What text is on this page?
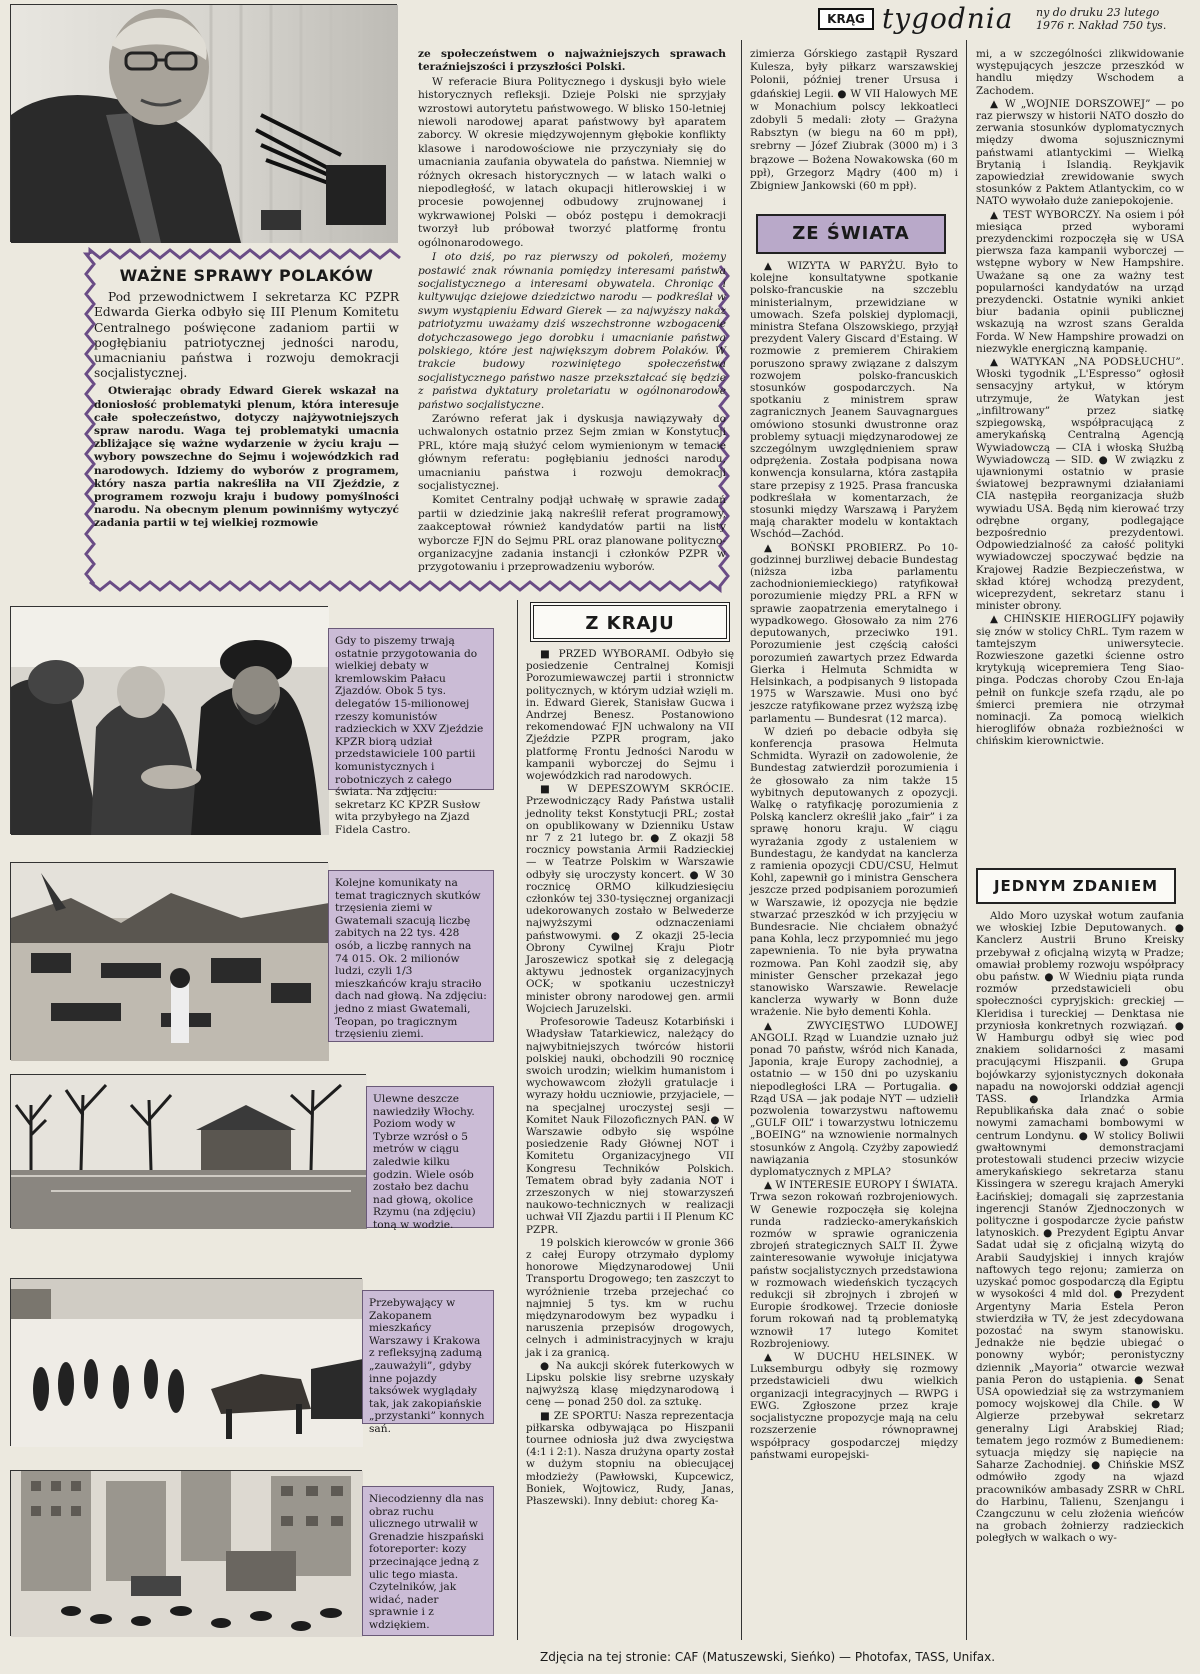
KRĄG tygodnia ny do druku 23 lutego
1976 r. Nakład 750 tys.
WAŻNE SPRAWY POLAKÓW

Pod przewodnictwem I sekretarza KC PZPR Edwarda Gierka odbyło się III Plenum Komitetu Centralnego poświęcone zadaniom partii w pogłębianiu patriotycznej jedności narodu, umacnianiu państwa i rozwoju demokracji socjalistycznej.

Otwierając obrady Edward Gierek wskazał na doniosłość problematyki plenum, która interesuje całe społeczeństwo, dotyczy najżywotniejszych spraw narodu. Waga tej problematyki umacnia zbliżające się ważne wydarzenie w życiu kraju — wybory powszechne do Sejmu i wojewódzkich rad narodowych. Idziemy do wyborów z programem, który nasza partia nakreśliła na VII Zjeździe, z programem rozwoju kraju i budowy pomyślności narodu. Na obecnym plenum powinniśmy wytyczyć zadania partii w tej wielkiej rozmowie

ze społeczeństwem o najważniejszych sprawach teraźniejszości i przyszłości Polski.

W referacie Biura Politycznego i dyskusji było wiele historycznych refleksji. Dzieje Polski nie sprzyjały wzrostowi autorytetu państwowego. W blisko 150-letniej niewoli narodowej aparat państwowy był aparatem zaborcy. W okresie międzywojennym głębokie konflikty klasowe i narodowościowe nie przyczyniały się do umacniania zaufania obywatela do państwa. Niemniej w różnych okresach historycznych — w latach walki o niepodległość, w latach okupacji hitlerowskiej i w procesie powojennej odbudowy zrujnowanej i wykrwawionej Polski — obóz postępu i demokracji tworzył lub próbował tworzyć platformę frontu ogólnonarodowego.

I oto dziś, po raz pierwszy od pokoleń, możemy postawić znak równania pomiędzy interesami państwa socjalistycznego a interesami obywatela. Chroniąc i kultywując dziejowe dziedzictwo narodu — podkreślał w swym wystąpieniu Edward Gierek — za najwyższy nakaz patriotyzmu uważamy dziś wszechstronne wzbogacenie dotychczasowego jego dorobku i umacnianie państwa polskiego, które jest największym dobrem Polaków. W trakcie budowy rozwiniętego społeczeństwa socjalistycznego państwo nasze przekształcać się będzie z państwa dyktatury proletariatu w ogólnonarodowe państwo socjalistyczne.

Zarówno referat jak i dyskusja nawiązywały do uchwalonych ostatnio przez Sejm zmian w Konstytucji PRL, które mają służyć celom wymienionym w temacie głównym referatu: pogłębianiu jedności narodu, umacnianiu państwa i rozwoju demokracji socjalistycznej.

Komitet Centralny podjął uchwałę w sprawie zadań partii w dziedzinie jaką nakreślił referat programowy, zaakceptował również kandydatów partii na listy wyborcze FJN do Sejmu PRL oraz planowane polityczno-organizacyjne zadania instancji i członków PZPR w przygotowaniu i przeprowadzeniu wyborów.

zimierza Górskiego zastąpił Ryszard Kulesza, były piłkarz warszawskiej Polonii, później trener Ursusa i gdańskiej Legii. ● W VII Halowych ME w Monachium polscy lekkoatleci zdobyli 5 medali: złoty — Grażyna Rabsztyn (w biegu na 60 m ppł), srebrny — Józef Ziubrak (3000 m) i 3 brązowe — Bożena Nowakowska (60 m ppł), Grzegorz Mądry (400 m) i Zbigniew Jankowski (60 m ppł).

ZE ŚWIATA

▲ WIZYTA W PARYŻU. Było to kolejne konsultatywne spotkanie polsko-francuskie na szczeblu ministerialnym, przewidziane w umowach. Szefa polskiej dyplomacji, ministra Stefana Olszowskiego, przyjął prezydent Valery Giscard d'Estaing. W rozmowie z premierem Chirakiem poruszono sprawy związane z dalszym rozwojem polsko-francuskich stosunków gospodarczych. Na spotkaniu z ministrem spraw zagranicznych Jeanem Sauvagnargues omówiono stosunki dwustronne oraz problemy sytuacji międzynarodowej ze szczególnym uwzględnieniem spraw odprężenia. Została podpisana nowa konwencja konsularna, która zastąpiła stare przepisy z 1925. Prasa francuska podkreślała w komentarzach, że stosunki między Warszawą i Paryżem mają charakter modelu w kontaktach Wschód—Zachód.

▲ BOŃSKI PROBIERZ. Po 10-godzinnej burzliwej debacie Bundestag (niższa izba parlamentu zachodnioniemieckiego) ratyfikował porozumienie między PRL a RFN w sprawie zaopatrzenia emerytalnego i wypadkowego. Głosowało za nim 276 deputowanych, przeciwko 191. Porozumienie jest częścią całości porozumień zawartych przez Edwarda Gierka i Helmuta Schmidta w Helsinkach, a podpisanych 9 listopada 1975 w Warszawie. Musi ono być jeszcze ratyfikowane przez wyższą izbę parlamentu — Bundesrat (12 marca).

W dzień po debacie odbyła się konferencja prasowa Helmuta Schmidta. Wyraził on zadowolenie, że Bundestag zatwierdził porozumienia i że głosowało za nim także 15 wybitnych deputowanych z opozycji. Walkę o ratyfikację porozumienia z Polską kanclerz określił jako „fair” i za sprawę honoru kraju. W ciągu wyrażania zgody z ustaleniem w Bundestagu, że kandydat na kanclerza z ramienia opozycji CDU/CSU, Helmut Kohl, zapewnił go i ministra Genschera jeszcze przed podpisaniem porozumień w Warszawie, iż opozycja nie będzie stwarzać przeszkód w ich przyjęciu w Bundesracie. Nie chciałem obnażyć pana Kohla, lecz przypomnieć mu jego zapewnienia. To nie była prywatna rozmowa. Pan Kohl zaodził się, aby minister Genscher przekazał jego stanowisko Warszawie. Rewelacje kanclerza wywarły w Bonn duże wrażenie. Nie było dementi Kohla.

▲ ZWYCIĘSTWO LUDOWEJ ANGOLI. Rząd w Luandzie uznało już ponad 70 państw, wśród nich Kanada, Japonia, kraje Europy zachodniej, a ostatnio — w 150 dni po uzyskaniu niepodległości LRA — Portugalia. ● Rząd USA — jak podaje NYT — udzielił pozwolenia towarzystwu naftowemu „GULF OIL” i towarzystwu lotniczemu „BOEING” na wznowienie normalnych stosunków z Angolą. Czyżby zapowiedź nawiązania stosunków dyplomatycznych z MPLA?

▲ W INTERESIE EUROPY I ŚWIATA. Trwa sezon rokowań rozbrojeniowych. W Genewie rozpoczęła się kolejna runda radziecko-amerykańskich rozmów w sprawie ograniczenia zbrojeń strategicznych SALT II. Żywe zainteresowanie wywołuje inicjatywa państw socjalistycznych przedstawiona w rozmowach wiedeńskich tyczących redukcji sił zbrojnych i zbrojeń w Europie środkowej. Trzecie doniosłe forum rokowań nad tą problematyką wznowił 17 lutego Komitet Rozbrojeniowy.

▲ W DUCHU HELSINEK. W Luksemburgu odbyły się rozmowy przedstawicieli dwu wielkich organizacji integracyjnych — RWPG i EWG. Zgłoszone przez kraje socjalistyczne propozycje mają na celu rozszerzenie równoprawnej współpracy gospodarczej między państwami europejski-

mi, a w szczególności zlikwidowanie występujących jeszcze przeszkód w handlu między Wschodem a Zachodem.

▲ W „WOJNIE DORSZOWEJ” — po raz pierwszy w historii NATO doszło do zerwania stosunków dyplomatycznych między dwoma sojusznicznymi państwami atlantyckimi — Wielką Brytanią i Islandią. Reykjavik zapowiedział zrewidowanie swych stosunków z Paktem Atlantyckim, co w NATO wywołało duże zaniepokojenie.

▲ TEST WYBORCZY. Na osiem i pół miesiąca przed wyborami prezydenckimi rozpoczęła się w USA pierwsza faza kampanii wyborczej — wstępne wybory w New Hampshire. Uważane są one za ważny test popularności kandydatów na urząd prezydencki. Ostatnie wyniki ankiet biur badania opinii publicznej wskazują na wzrost szans Geralda Forda. W New Hampshire prowadzi on niezwykle energiczną kampanię.

▲ WATYKAN „NA PODSŁUCHU”. Włoski tygodnik „L'Espresso” ogłosił sensacyjny artykuł, w którym utrzymuje, że Watykan jest „infiltrowany” przez siatkę szpiegowską, współpracującą z amerykańską Centralną Agencją Wywiadowczą — CIA i włoską Służbą Wywiadowczą — SID. ● W związku z ujawnionymi ostatnio w prasie światowej bezprawnymi działaniami CIA następiła reorganizacja służb wywiadu USA. Będą nim kierować trzy odrębne organy, podlegające bezpośrednio prezydentowi. Odpowiedzialność za całość polityki wywiadowczej spoczywać będzie na Krajowej Radzie Bezpieczeństwa, w skład której wchodzą prezydent, wiceprezydent, sekretarz stanu i minister obrony.

▲ CHIŃSKIE HIEROGLIFY pojawiły się znów w stolicy ChRL. Tym razem w tamtejszym uniwersytecie. Rozwieszone gazetki ścienne ostro krytykują wicepremiera Teng Siao-pinga. Podczas choroby Czou En-laja pełnił on funkcje szefa rządu, ale po śmierci premiera nie otrzymał nominacji. Za pomocą wielkich hieroglifów obnaża rozbieżności w chińskim kierownictwie.

JEDNYM ZDANIEM

Aldo Moro uzyskał wotum zaufania we włoskiej Izbie Deputowanych. ● Kanclerz Austrii Bruno Kreisky przebywał z oficjalną wizytą w Pradze; omawiał problemy rozwoju współpracy obu państw. ● W Wiedniu piąta runda rozmów przedstawicieli obu społeczności cypryjskich: greckiej — Kleridisa i tureckiej — Denktasa nie przyniosła konkretnych rozwiązań. ● W Hamburgu odbył się wiec pod znakiem solidarności z masami pracującymi Hiszpanii. ● Grupa bojówkarzy syjonistycznych dokonała napadu na nowojorski oddział agencji TASS. ● Irlandzka Armia Republikańska dała znać o sobie nowymi zamachami bombowymi w centrum Londynu. ● W stolicy Boliwii gwałtownymi demonstracjami protestowali studenci przeciw wizycie amerykańskiego sekretarza stanu Kissingera w szeregu krajach Ameryki Łacińskiej; domagali się zaprzestania ingerencji Stanów Zjednoczonych w polityczne i gospodarcze życie państw latynoskich. ● Prezydent Egiptu Anvar Sadat udał się z oficjalną wizytą do Arabii Saudyjskiej i innych krajów naftowych tego rejonu; zamierza on uzyskać pomoc gospodarczą dla Egiptu w wysokości 4 mld dol. ● Prezydent Argentyny Maria Estela Peron stwierdziła w TV, że jest zdecydowana pozostać na swym stanowisku. Jednakże nie będzie ubiegać o ponowny wybór; peronistyczny dziennik „Mayoria” otwarcie wezwał pania Peron do ustąpienia. ● Senat USA opowiedział się za wstrzymaniem pomocy wojskowej dla Chile. ● W Algierze przebywał sekretarz generalny Ligi Arabskiej Riad; tematem jego rozmów z Bumedienem: sytuacja między się napięcie na Saharze Zachodniej. ● Chińskie MSZ odmówiło zgody na wjazd pracowników ambasady ZSRR w ChRL do Harbinu, Talienu, Szenjangu i Czangczunu w celu złożenia wieńców na grobach żołnierzy radzieckich poległych w walkach o wy-

Gdy to piszemy trwają ostatnie przygotowania do wielkiej debaty w kremlowskim Pałacu Zjazdów. Obok 5 tys. delegatów 15-milionowej rzeszy komunistów radzieckich w XXV Zjeździe KPZR biorą udział przedstawiciele 100 partii komunistycznych i robotniczych z całego świata. Na zdjęciu: sekretarz KC KPZR Susłow wita przybyłego na Zjazd Fidela Castro.
Kolejne komunikaty na temat tragicznych skutków trzęsienia ziemi w Gwatemali szacują liczbę zabitych na 22 tys. 428 osób, a liczbę rannych na 74 015. Ok. 2 milionów ludzi, czyli 1/3 mieszkańców kraju straciło dach nad głową. Na zdjęciu: jedno z miast Gwatemali, Teopan, po tragicznym trzęsieniu ziemi.
Ulewne deszcze nawiedziły Włochy. Poziom wody w Tybrze wzrósł o 5 metrów w ciągu zaledwie kilku godzin. Wiele osób zostało bez dachu nad głową, okolice Rzymu (na zdjęciu) toną w wodzie.
Przebywający w Zakopanem mieszkańcy Warszawy i Krakowa z refleksyjną zadumą „zauważyli”, gdyby inne pojazdy taksówek wyglądały tak, jak zakopiańskie „przystanki” konnych sań.
Niecodzienny dla nas obraz ruchu ulicznego utrwalił w Grenadzie hiszpański fotoreporter: kozy przecinające jedną z ulic tego miasta. Czytelników, jak widać, nader sprawnie i z wdziękiem.
Z KRAJU

■ PRZED WYBORAMI. Odbyło się posiedzenie Centralnej Komisji Porozumiewawczej partii i stronnictw politycznych, w którym udział wzięli m. in. Edward Gierek, Stanisław Gucwa i Andrzej Benesz. Postanowiono rekomendować FJN uchwalony na VII Zjeździe PZPR program, jako platformę Frontu Jedności Narodu w kampanii wyborczej do Sejmu i wojewódzkich rad narodowych.

■ W DEPESZOWYM SKRÓCIE. Przewodniczący Rady Państwa ustalił jednolity tekst Konstytucji PRL; został on opublikowany w Dzienniku Ustaw nr 7 z 21 lutego br. ● Z okazji 58 rocznicy powstania Armii Radzieckiej — w Teatrze Polskim w Warszawie odbyły się uroczysty koncert. ● W 30 rocznicę ORMO kilkudziesięciu członków tej 330-tysięcznej organizacji udekorowanych zostało w Belwederze najwyższymi odznaczeniami państwowymi. ● Z okazji 25-lecia Obrony Cywilnej Kraju Piotr Jaroszewicz spotkał się z delegacją aktywu jednostek organizacyjnych OCK; w spotkaniu uczestniczył minister obrony narodowej gen. armii Wojciech Jaruzelski.

Profesorowie Tadeusz Kotarbiński i Władysław Tatarkiewicz, należący do najwybitniejszych twórców historii polskiej nauki, obchodzili 90 rocznicę swoich urodzin; wielkim humanistom i wychowawcom złożyli gratulacje i wyrazy hołdu uczniowie, przyjaciele, — na specjalnej uroczystej sesji — Komitet Nauk Filozoficznych PAN. ● W Warszawie odbyło się wspólne posiedzenie Rady Głównej NOT i Komitetu Organizacyjnego VII Kongresu Techników Polskich. Tematem obrad były zadania NOT i zrzeszonych w niej stowarzyszeń naukowo-technicznych w realizacji uchwał VII Zjazdu partii i II Plenum KC PZPR.

19 polskich kierowców w gronie 366 z całej Europy otrzymało dyplomy honorowe Międzynarodowej Unii Transportu Drogowego; ten zaszczyt to wyróżnienie trzeba przejechać co najmniej 5 tys. km w ruchu międzynarodowym bez wypadku i naruszenia przepisów drogowych, celnych i administracyjnych w kraju jak i za granicą.

● Na aukcji skórek futerkowych w Lipsku polskie lisy srebrne uzyskały najwyższą klasę międzynarodową i cenę — ponad 250 dol. za sztukę.

■ ZE SPORTU: Nasza reprezentacja piłkarska odbywająca po Hiszpanii tournee odniosła już dwa zwycięstwa (4:1 i 2:1). Nasza drużyna oparty został w dużym stopniu na obiecującej młodzieży (Pawłowski, Kupcewicz, Boniek, Wojtowicz, Rudy, Janas, Płaszewski). Inny debiut: choreg Ka-

Zdjęcia na tej stronie: CAF (Matuszewski, Sieńko) — Photofax, TASS, Unifax.
